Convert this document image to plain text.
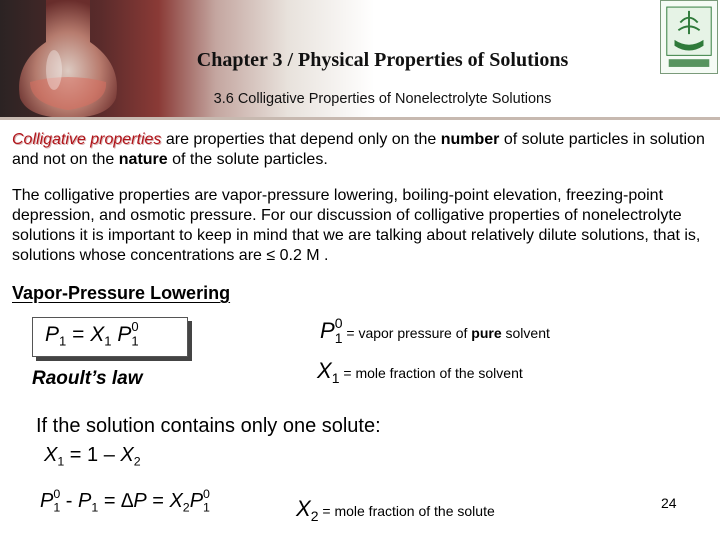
Chapter 3 / Physical Properties of Solutions
3.6 Colligative Properties of Nonelectrolyte Solutions
Colligative properties are properties that depend only on the number of solute particles in solution and not on the nature of the solute particles.
The colligative properties are vapor-pressure lowering, boiling-point elevation, freezing-point depression, and osmotic pressure. For our discussion of colligative properties of nonelectrolyte solutions it is important to keep in mind that we are talking about relatively dilute solutions, that is, solutions whose concentrations are ≤ 0.2 M .
Vapor-Pressure Lowering
$P_1 = X_1$ $P0_1$
Raoult’s law
P01 = vapor pressure of pure solvent
X1 = mole fraction of the solvent
If the solution contains only one solute:
$X_1 = 1 - X_2$
$P0_1 - P_1 = \Delta P = X_2P0_1$	X2 = mole fraction of the solute	24
